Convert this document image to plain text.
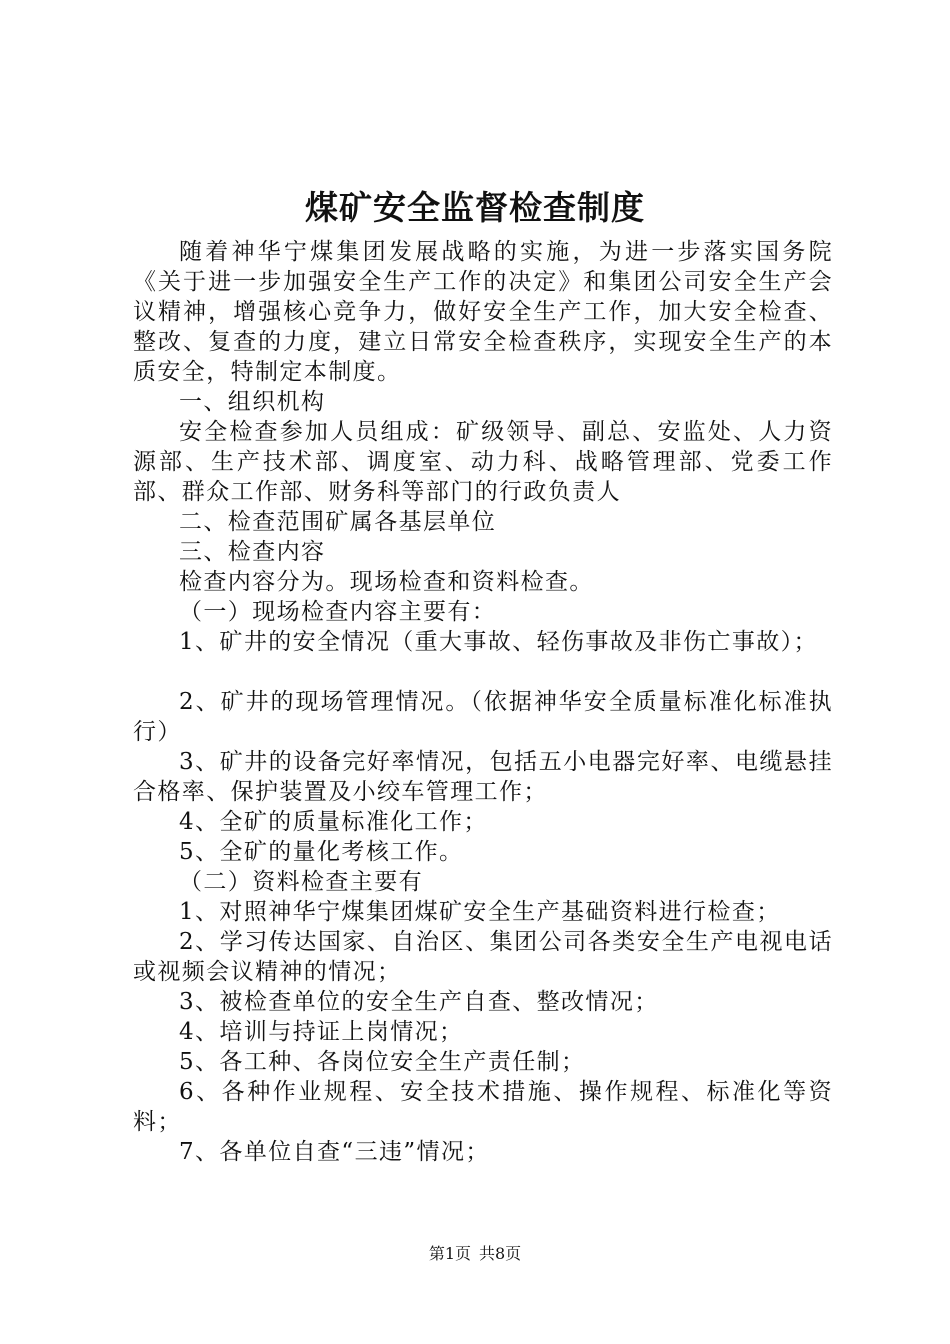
煤矿安全监督检查制度

随着神华宁煤集团发展战略的实施，为进一步落实国务院《关于进一步加强安全生产工作的决定》和集团公司安全生产会议精神，增强核心竞争力，做好安全生产工作，加大安全检查、整改、复查的力度，建立日常安全检查秩序，实现安全生产的本质安全，特制定本制度。

一、组织机构

安全检查参加人员组成：矿级领导、副总、安监处、人力资源部、生产技术部、调度室、动力科、战略管理部、党委工作部、群众工作部、财务科等部门的行政负责人

二、检查范围矿属各基层单位

三、检查内容

检查内容分为。现场检查和资料检查。

（一）现场检查内容主要有：

1、矿井的安全情况（重大事故、轻伤事故及非伤亡事故）；

2、矿井的现场管理情况。（依据神华安全质量标准化标准执行）

3、矿井的设备完好率情况，包括五小电器完好率、电缆悬挂合格率、保护装置及小绞车管理工作；

4、全矿的质量标准化工作；

5、全矿的量化考核工作。

（二）资料检查主要有

1、对照神华宁煤集团煤矿安全生产基础资料进行检查；

2、学习传达国家、自治区、集团公司各类安全生产电视电话或视频会议精神的情况；

3、被检查单位的安全生产自查、整改情况；

4、培训与持证上岗情况；

5、各工种、各岗位安全生产责任制；

6、各种作业规程、安全技术措施、操作规程、标准化等资料；

7、各单位自查“三违”情况；

第1页 共8页
